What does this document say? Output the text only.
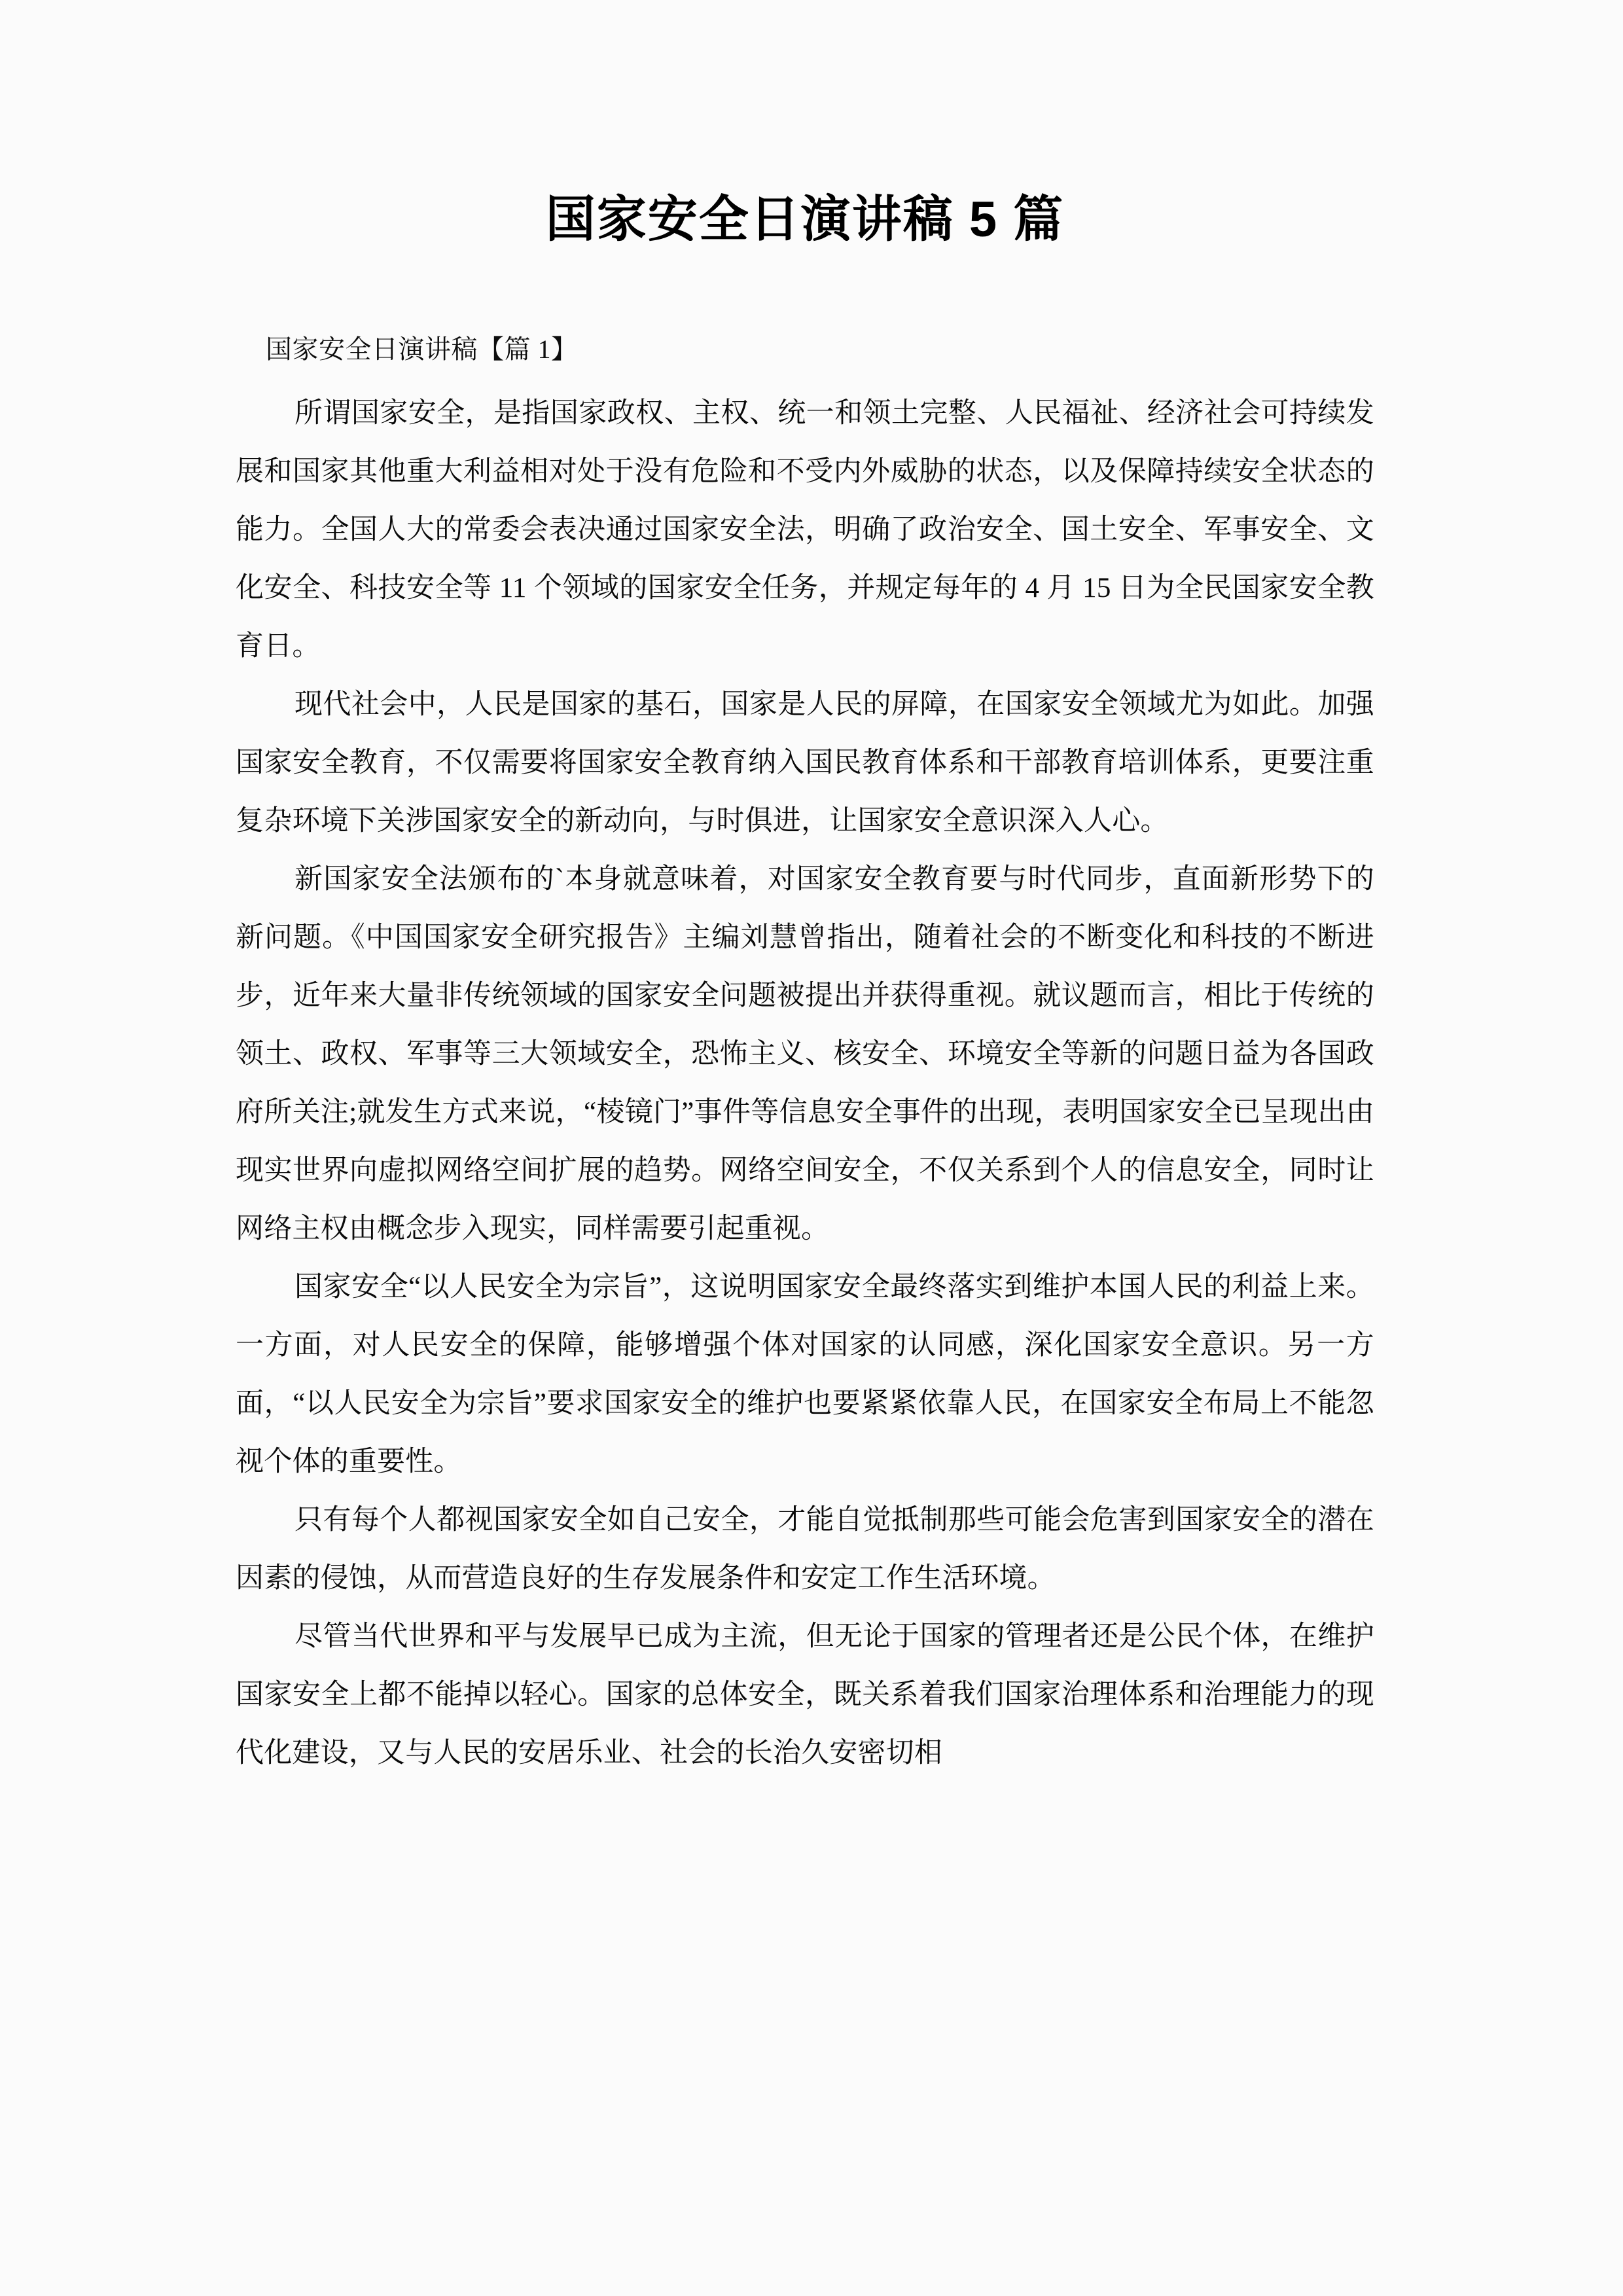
国家安全日演讲稿 5 篇

国家安全日演讲稿【篇 1】

所谓国家安全，是指国家政权、主权、统一和领土完整、人民福祉、经济社会可持续发展和国家其他重大利益相对处于没有危险和不受内外威胁的状态，以及保障持续安全状态的能力。全国人大的常委会表决通过国家安全法，明确了政治安全、国土安全、军事安全、文化安全、科技安全等 11 个领域的国家安全任务，并规定每年的 4 月 15 日为全民国家安全教育日。

现代社会中，人民是国家的基石，国家是人民的屏障，在国家安全领域尤为如此。加强国家安全教育，不仅需要将国家安全教育纳入国民教育体系和干部教育培训体系，更要注重复杂环境下关涉国家安全的新动向，与时俱进，让国家安全意识深入人心。

新国家安全法颁布的`本身就意味着，对国家安全教育要与时代同步，直面新形势下的新问题。《中国国家安全研究报告》主编刘慧曾指出，随着社会的不断变化和科技的不断进步，近年来大量非传统领域的国家安全问题被提出并获得重视。就议题而言，相比于传统的领土、政权、军事等三大领域安全，恐怖主义、核安全、环境安全等新的问题日益为各国政府所关注;就发生方式来说，“棱镜门”事件等信息安全事件的出现，表明国家安全已呈现出由现实世界向虚拟网络空间扩展的趋势。网络空间安全，不仅关系到个人的信息安全，同时让网络主权由概念步入现实，同样需要引起重视。

国家安全“以人民安全为宗旨”，这说明国家安全最终落实到维护本国人民的利益上来。一方面，对人民安全的保障，能够增强个体对国家的认同感，深化国家安全意识。另一方面，“以人民安全为宗旨”要求国家安全的维护也要紧紧依靠人民，在国家安全布局上不能忽视个体的重要性。

只有每个人都视国家安全如自己安全，才能自觉抵制那些可能会危害到国家安全的潜在因素的侵蚀，从而营造良好的生存发展条件和安定工作生活环境。

尽管当代世界和平与发展早已成为主流，但无论于国家的管理者还是公民个体，在维护国家安全上都不能掉以轻心。国家的总体安全，既关系着我们国家治理体系和治理能力的现代化建设，又与人民的安居乐业、社会的长治久安密切相
